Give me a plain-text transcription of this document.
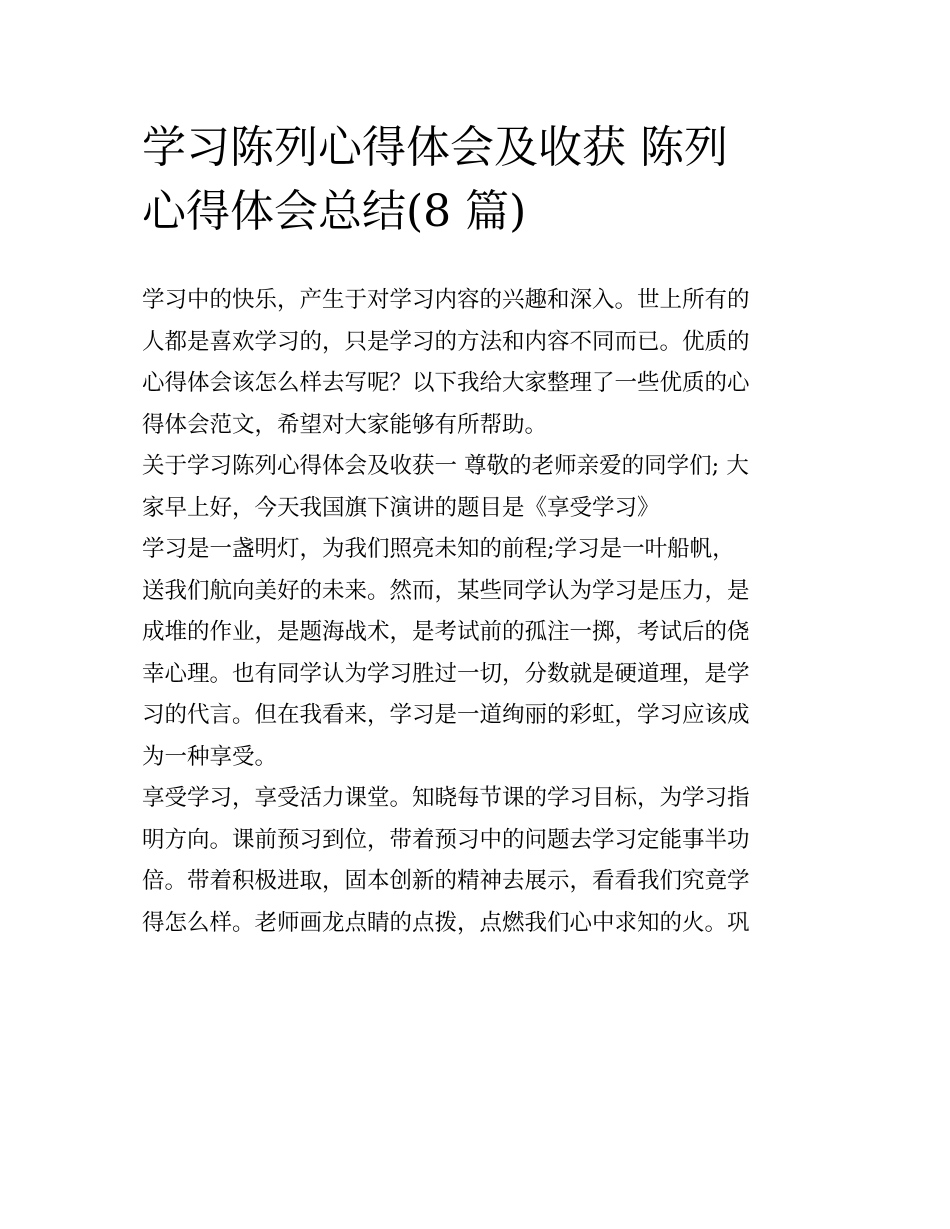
学习陈列心得体会及收获 陈列
心得体会总结(8 篇)
学习中的快乐，产生于对学习内容的兴趣和深入。世上所有的
人都是喜欢学习的，只是学习的方法和内容不同而已。优质的
心得体会该怎么样去写呢？以下我给大家整理了一些优质的心
得体会范文，希望对大家能够有所帮助。
关于学习陈列心得体会及收获一 尊敬的老师亲爱的同学们; 大
家早上好，今天我国旗下演讲的题目是《享受学习》
学习是一盏明灯，为我们照亮未知的前程;学习是一叶船帆，
送我们航向美好的未来。然而，某些同学认为学习是压力，是
成堆的作业，是题海战术，是考试前的孤注一掷，考试后的侥
幸心理。也有同学认为学习胜过一切，分数就是硬道理，是学
习的代言。但在我看来，学习是一道绚丽的彩虹，学习应该成
为一种享受。
享受学习，享受活力课堂。知晓每节课的学习目标，为学习指
明方向。课前预习到位，带着预习中的问题去学习定能事半功
倍。带着积极进取，固本创新的精神去展示，看看我们究竟学
得怎么样。老师画龙点睛的点拨，点燃我们心中求知的火。巩
